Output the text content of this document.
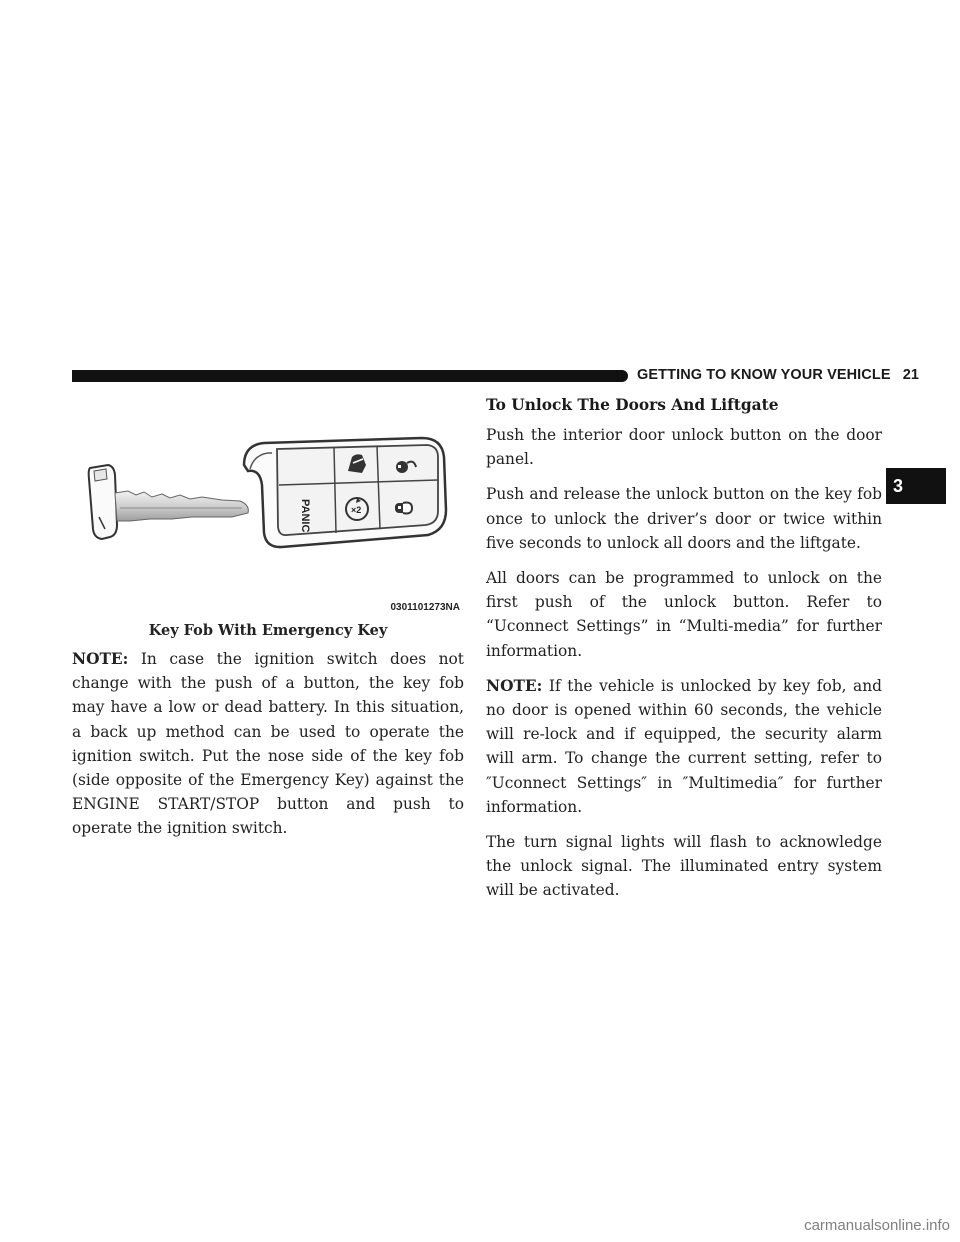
GETTING TO KNOW YOUR VEHICLE 21
3
PANIC	×2
0301101273NA
Key Fob With Emergency Key

NOTE: In case the ignition switch does not change with the push of a button, the key fob may have a low or dead battery. In this situation, a back up method can be used to operate the ignition switch. Put the nose side of the key fob (side opposite of the Emergency Key) against the ENGINE START/STOP button and push to operate the ignition switch.

To Unlock The Doors And Liftgate

Push the interior door unlock button on the door panel.

Push and release the unlock button on the key fob once to unlock the driver’s door or twice within five seconds to unlock all doors and the liftgate.

All doors can be programmed to unlock on the first push of the unlock button. Refer to “Uconnect Settings” in “Multi-media” for further information.

NOTE: If the vehicle is unlocked by key fob, and no door is opened within 60 seconds, the vehicle will re-lock and if equipped, the security alarm will arm. To change the current setting, refer to ″Uconnect Settings″ in ″Multimedia″ for further information.

The turn signal lights will flash to acknowledge the unlock signal. The illuminated entry system will be activated.

carmanualsonline.info
